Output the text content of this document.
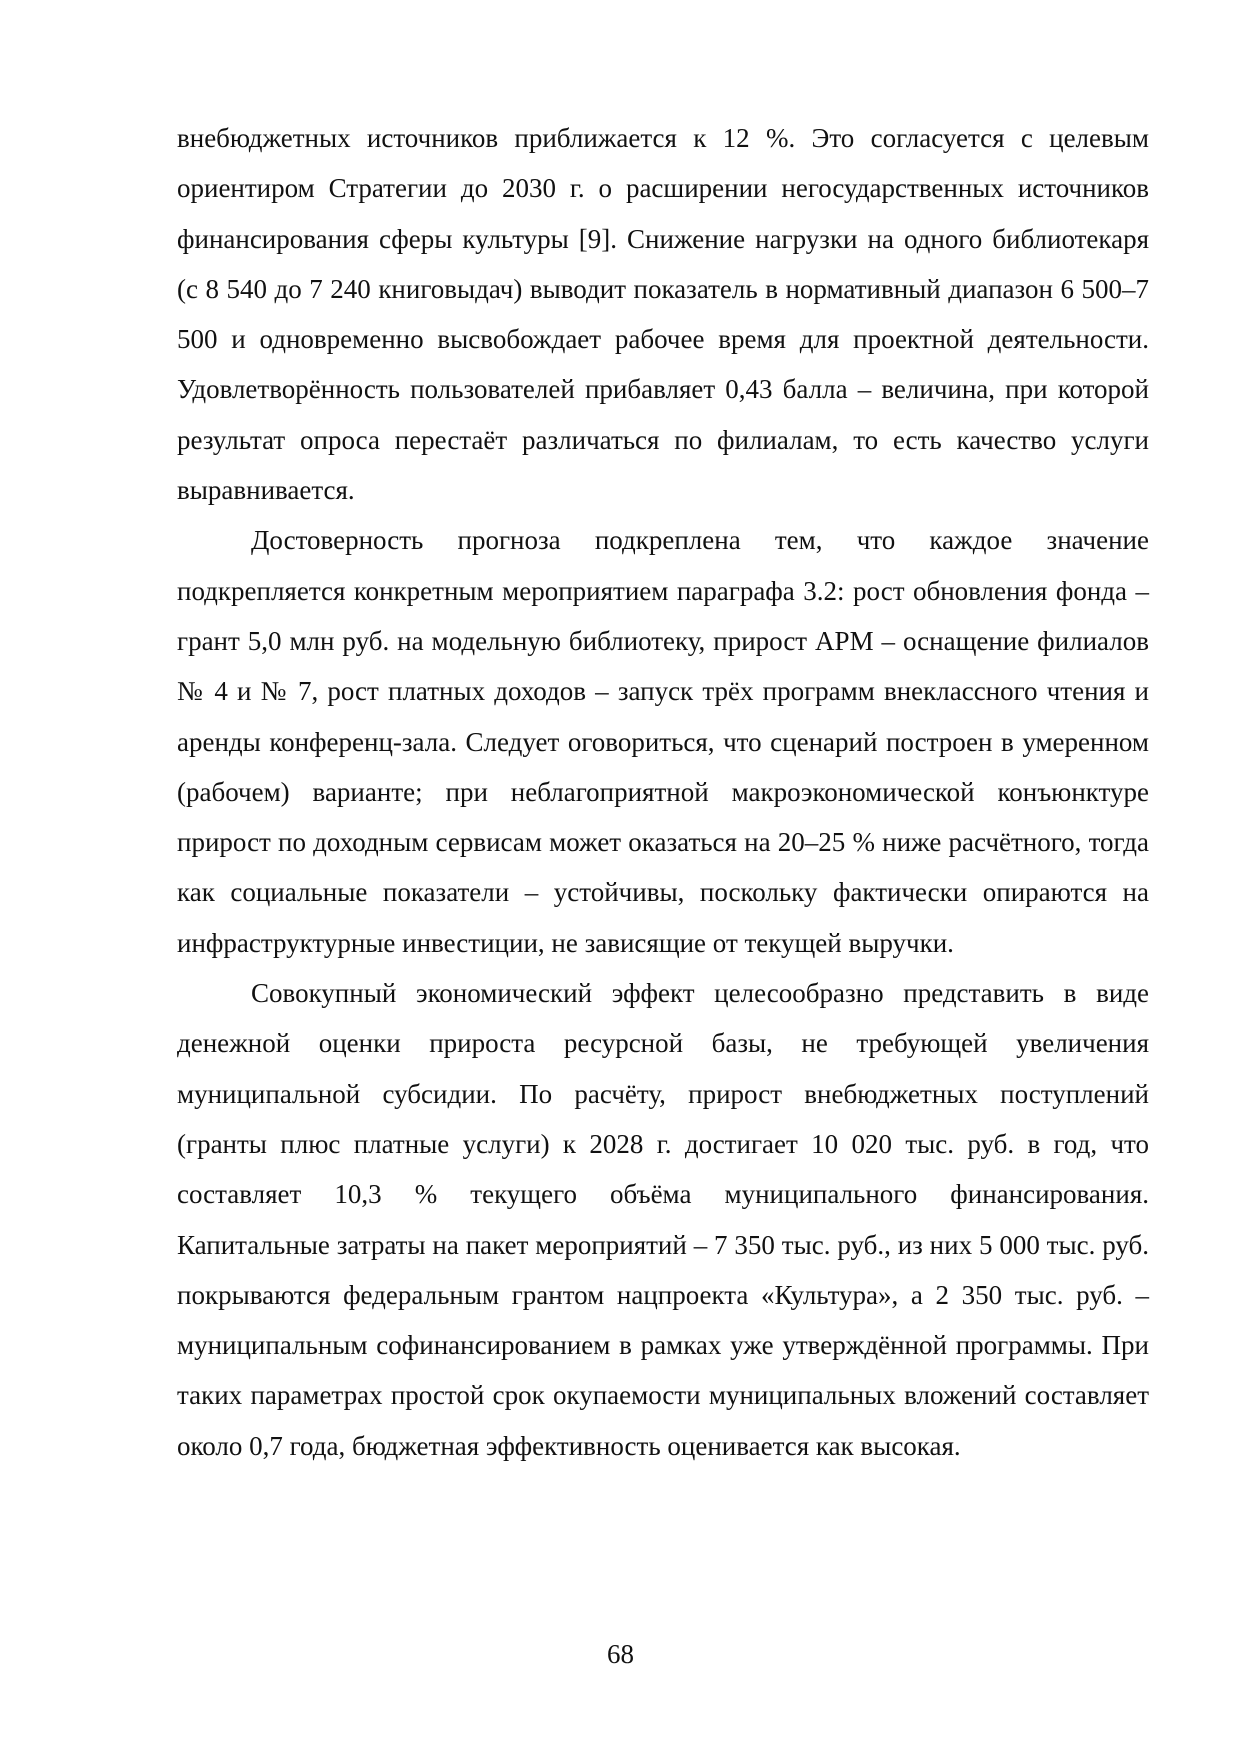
внебюджетных источников приближается к 12 %. Это согласуется с целевым ориентиром Стратегии до 2030 г. о расширении негосударственных источников финансирования сферы культуры [9]. Снижение нагрузки на одного библиотекаря (с 8 540 до 7 240 книговыдач) выводит показатель в нормативный диапазон 6 500–7 500 и одновременно высвобождает рабочее время для проектной деятельности. Удовлетворённость пользователей прибавляет 0,43 балла – величина, при которой результат опроса перестаёт различаться по филиалам, то есть качество услуги выравнивается.

Достоверность прогноза подкреплена тем, что каждое значение подкрепляется конкретным мероприятием параграфа 3.2: рост обновления фонда – грант 5,0 млн руб. на модельную библиотеку, прирост АРМ – оснащение филиалов № 4 и № 7, рост платных доходов – запуск трёх программ внеклассного чтения и аренды конференц-зала. Следует оговориться, что сценарий построен в умеренном (рабочем) варианте; при неблагоприятной макроэкономической конъюнктуре прирост по доходным сервисам может оказаться на 20–25 % ниже расчётного, тогда как социальные показатели – устойчивы, поскольку фактически опираются на инфраструктурные инвестиции, не зависящие от текущей выручки.

Совокупный экономический эффект целесообразно представить в виде денежной оценки прироста ресурсной базы, не требующей увеличения муниципальной субсидии. По расчёту, прирост внебюджетных поступлений (гранты плюс платные услуги) к 2028 г. достигает 10 020 тыс. руб. в год, что составляет 10,3 % текущего объёма муниципального финансирования. Капитальные затраты на пакет мероприятий – 7 350 тыс. руб., из них 5 000 тыс. руб. покрываются федеральным грантом нацпроекта «Культура», а 2 350 тыс. руб. – муниципальным софинансированием в рамках уже утверждённой программы. При таких параметрах простой срок окупаемости муниципальных вложений составляет около 0,7 года, бюджетная эффективность оценивается как высокая.

68
